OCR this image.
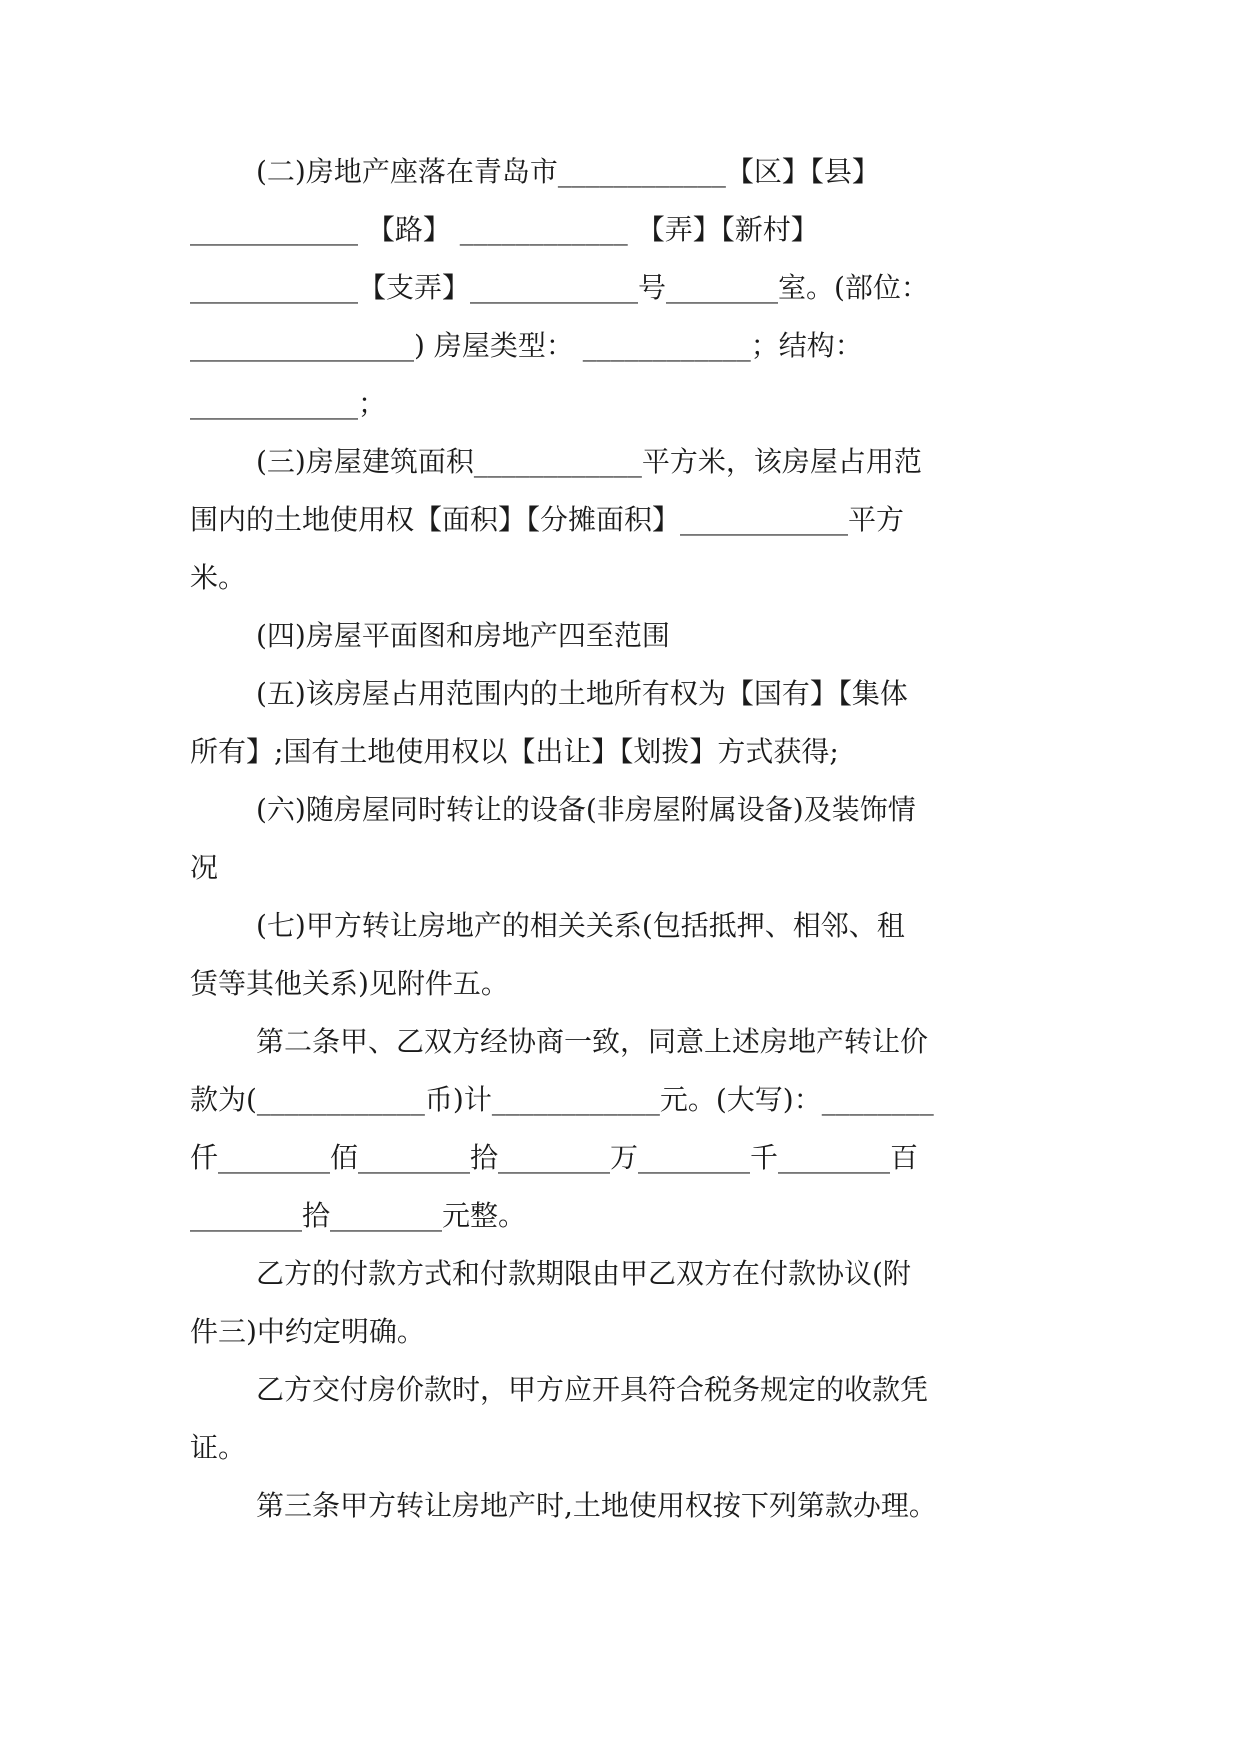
(二)房地产座落在青岛市____________【区】【县】
____________ 【路】 ____________ 【弄】【新村】
____________【支弄】____________号________室。(部位：
________________) 房屋类型： ____________；结构：
____________；
(三)房屋建筑面积____________平方米，该房屋占用范
围内的土地使用权【面积】【分摊面积】____________平方
米。
(四)房屋平面图和房地产四至范围
(五)该房屋占用范围内的土地所有权为【国有】【集体
所有】;国有土地使用权以【出让】【划拨】方式获得;
(六)随房屋同时转让的设备(非房屋附属设备)及装饰情
况
(七)甲方转让房地产的相关关系(包括抵押、相邻、租
赁等其他关系)见附件五。
第二条甲、乙双方经协商一致，同意上述房地产转让价
款为(____________币)计____________元。(大写)：________
仟________佰________拾________万________千________百
________拾________元整。
乙方的付款方式和付款期限由甲乙双方在付款协议(附
件三)中约定明确。
乙方交付房价款时，甲方应开具符合税务规定的收款凭
证。
第三条甲方转让房地产时,土地使用权按下列第款办理。
